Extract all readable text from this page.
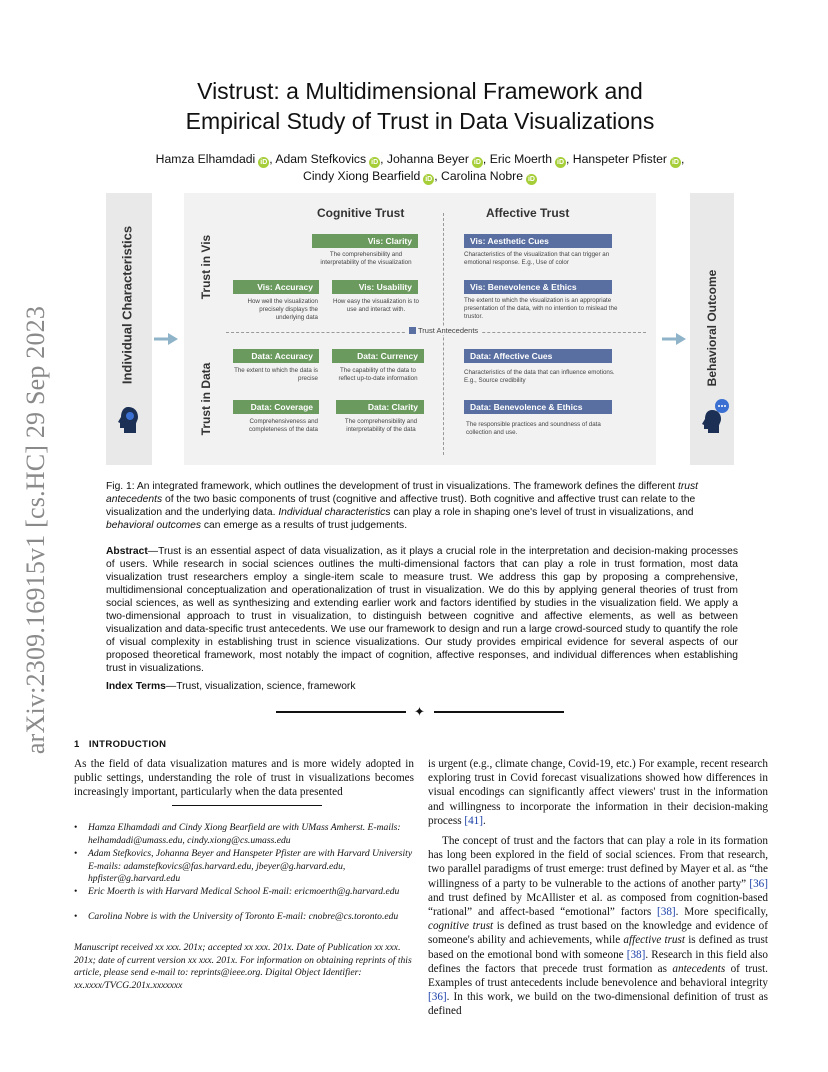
arXiv:2309.16915v1 [cs.HC] 29 Sep 2023
Vistrust: a Multidimensional Framework and
Empirical Study of Trust in Data Visualizations
Hamza Elhamdadi iD , Adam Stefkovics iD , Johanna Beyer iD , Eric Moerth iD , Hanspeter Pfister iD ,
Cindy Xiong Bearfield iD , Carolina Nobre iD
Individual Characteristics	Behavioral Outcome
Trust in Vis
Trust in Data
Cognitive Trust	Affective Trust
Trust Antecedents
Vis: Clarity
The comprehensibility and interpretability of the visualization
Vis: Aesthetic Cues
Characteristics of the visualization that can trigger an emotional response. E.g., Use of color
Vis: Accuracy
How well the visualization precisely displays the underlying data
Vis: Usability
How easy the visualization is to use and interact with.
Vis: Benevolence & Ethics
The extent to which the visualization is an appropriate presentation of the data, with no intention to mislead the trustor.
Data: Accuracy
The extent to which the data is precise
Data: Currency
The capability of the data to reflect up-to-date information
Data: Affective Cues
Characteristics of the data that can influence emotions. E.g., Source credibility
Data: Coverage
Comprehensiveness and completeness of the data
Data: Clarity
The comprehensibility and interpretability of the data
Data: Benevolence & Ethics
The responsible practices and soundness of data collection and use.
Fig. 1: An integrated framework, which outlines the development of trust in visualizations. The framework defines the different trust antecedents of the two basic components of trust (cognitive and affective trust). Both cognitive and affective trust can relate to the visualization and the underlying data. Individual characteristics can play a role in shaping one's level of trust in visualizations, and behavioral outcomes can emerge as a results of trust judgements.
Abstract—Trust is an essential aspect of data visualization, as it plays a crucial role in the interpretation and decision-making processes of users. While research in social sciences outlines the multi-dimensional factors that can play a role in trust formation, most data visualization trust researchers employ a single-item scale to measure trust. We address this gap by proposing a comprehensive, multidimensional conceptualization and operationalization of trust in visualization. We do this by applying general theories of trust from social sciences, as well as synthesizing and extending earlier work and factors identified by studies in the visualization field. We apply a two-dimensional approach to trust in visualization, to distinguish between cognitive and affective elements, as well as between visualization and data-specific trust antecedents. We use our framework to design and run a large crowd-sourced study to quantify the role of visual complexity in establishing trust in science visualizations. Our study provides empirical evidence for several aspects of our proposed theoretical framework, most notably the impact of cognition, affective responses, and individual differences when establishing trust in visualizations.
Index Terms—Trust, visualization, science, framework
✦
1 INTRODUCTION
As the field of data visualization matures and is more widely adopted in public settings, understanding the role of trust in visualizations becomes increasingly important, particularly when the data presented
•	Hamza Elhamdadi and Cindy Xiong Bearfield are with UMass Amherst. E-mails: helhamdadi@umass.edu, cindy.xiong@cs.umass.edu
•	Adam Stefkovics, Johanna Beyer and Hanspeter Pfister are with Harvard University E-mails: adamstefkovics@fas.harvard.edu, jbeyer@g.harvard.edu, hpfister@g.harvard.edu
•	Eric Moerth is with Harvard Medical School E-mail: ericmoerth@g.harvard.edu
•	Carolina Nobre is with the University of Toronto E-mail: cnobre@cs.toronto.edu
Manuscript received xx xxx. 201x; accepted xx xxx. 201x. Date of Publication xx xxx. 201x; date of current version xx xxx. 201x. For information on obtaining reprints of this article, please send e-mail to: reprints@ieee.org. Digital Object Identifier: xx.xxxx/TVCG.201x.xxxxxxx
is urgent (e.g., climate change, Covid-19, etc.) For example, recent research exploring trust in Covid forecast visualizations showed how differences in visual encodings can significantly affect viewers' trust in the information and willingness to incorporate the information in their decision-making process [41].
The concept of trust and the factors that can play a role in its formation has long been explored in the field of social sciences. From that research, two parallel paradigms of trust emerge: trust defined by Mayer et al. as “the willingness of a party to be vulnerable to the actions of another party” [36] and trust defined by McAllister et al. as composed from cognition-based “rational” and affect-based “emotional” factors [38]. More specifically, cognitive trust is defined as trust based on the knowledge and evidence of someone's ability and achievements, while affective trust is defined as trust based on the emotional bond with someone [38]. Research in this field also defines the factors that precede trust formation as antecedents of trust. Examples of trust antecedents include benevolence and behavioral integrity [36]. In this work, we build on the two-dimensional definition of trust as defined
